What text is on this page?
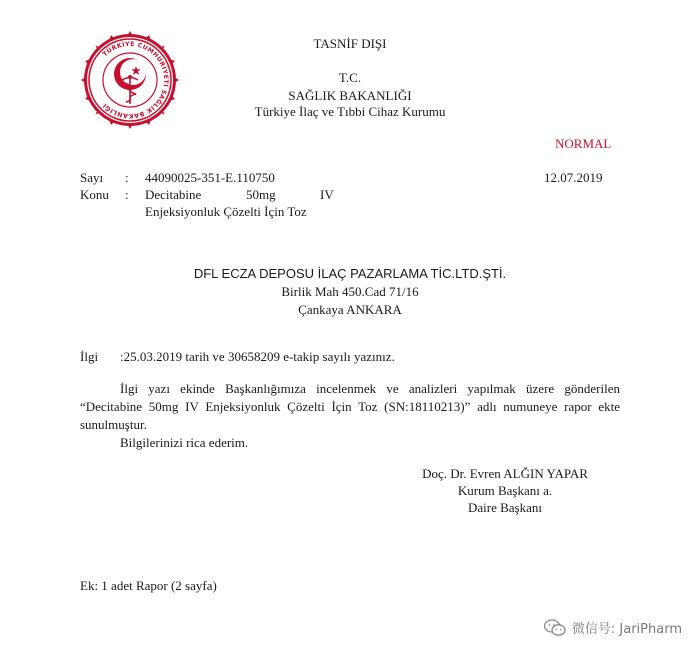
TÜRKİYE CUMHURİYETİ SAĞLIK BAKANLIĞI
TASNİF DIŞI
T.C.
SAĞLIK BAKANLIĞI
Türkiye İlaç ve Tıbbi Cihaz Kurumu
NORMAL
Sayı : 44090025-351-E.110750	12.07.2019
Konu : Decitabine	50mg	IV
Enjeksiyonluk Çözelti İçin Toz
DFL ECZA DEPOSU İLAÇ PAZARLAMA TİC.LTD.ŞTİ.
Birlik Mah 450.Cad 71/16
Çankaya ANKARA
İlgi :25.03.2019 tarih ve 30658209 e-takip sayılı yazınız.

İlgi yazı ekinde Başkanlığımıza incelenmek ve analizleri yapılmak üzere gönderilen “Decitabine 50mg IV Enjeksiyonluk Çözelti İçin Toz (SN:18110213)” adlı numuneye rapor ekte sunulmuştur.

Bilgilerinizi rica ederim.
Doç. Dr. Evren ALĞIN YAPAR
Kurum Başkanı a.
Daire Başkanı
Ek: 1 adet Rapor (2 sayfa)
微信号: JariPharm
